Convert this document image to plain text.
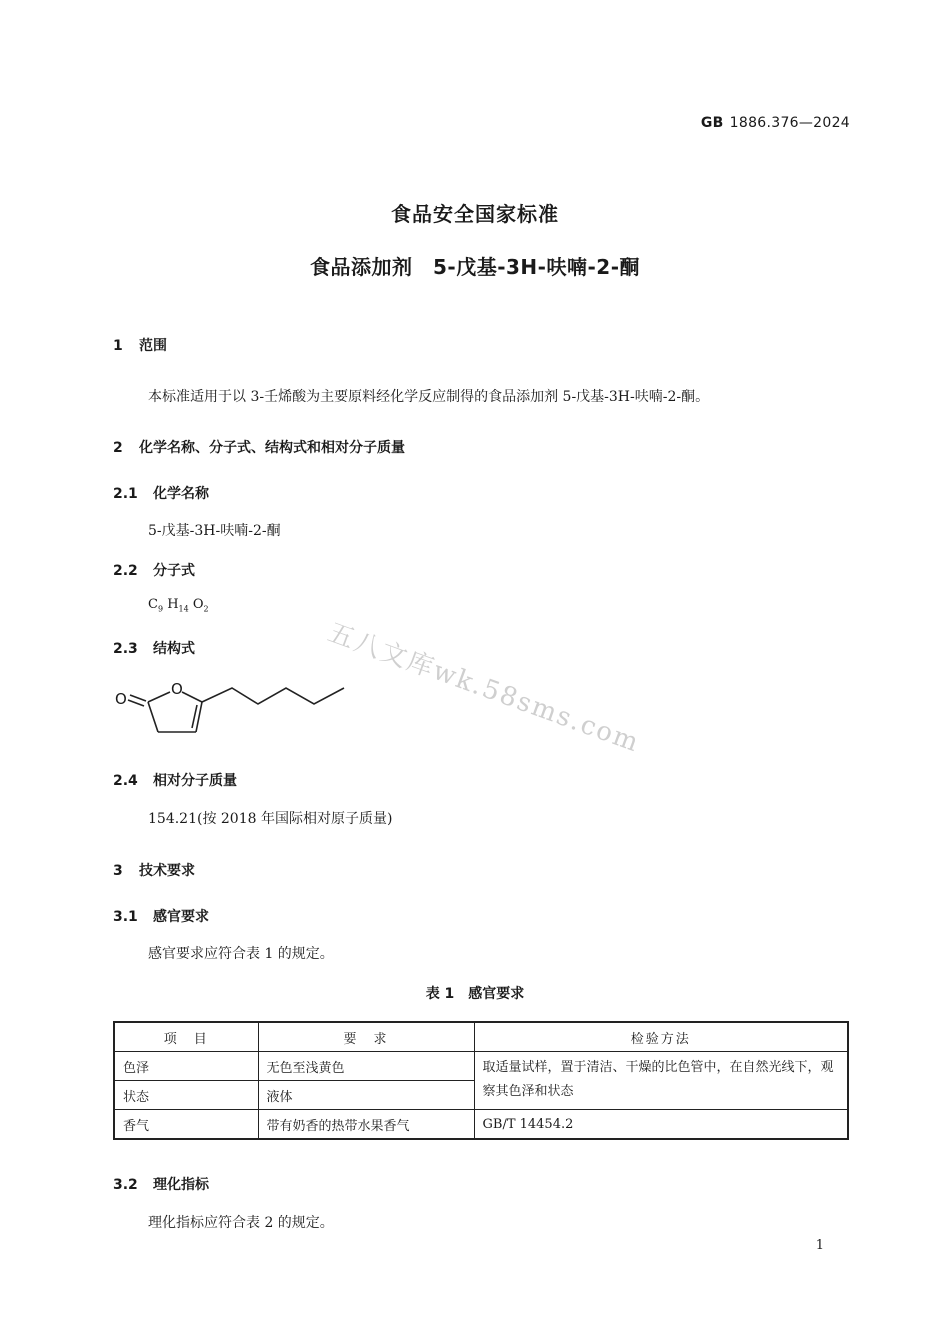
GB 1886.376—2024
食品安全国家标准
食品添加剂　5-戊基-3H-呋喃-2-酮
1 范围
本标准适用于以 3-壬烯酸为主要原料经化学反应制得的食品添加剂 5-戊基-3H-呋喃-2-酮。
2 化学名称、分子式、结构式和相对分子质量
2.1 化学名称
5-戊基-3H-呋喃-2-酮
2.2 分子式
$C_9$ $H_{14}$ $O_2$
2.3 结构式
O
O
2.4 相对分子质量
154.21(按 2018 年国际相对原子质量)
3 技术要求
3.1 感官要求
感官要求应符合表 1 的规定。
表 1　感官要求
项　目	要　求	检验方法
色泽	无色至浅黄色	取适量试样，置于清洁、干燥的比色管中，在自然光线下，观察其色泽和状态
状态	液体	
香气	带有奶香的热带水果香气	GB/T 14454.2
3.2 理化指标
理化指标应符合表 2 的规定。
五八文库wk.58sms.com
1
